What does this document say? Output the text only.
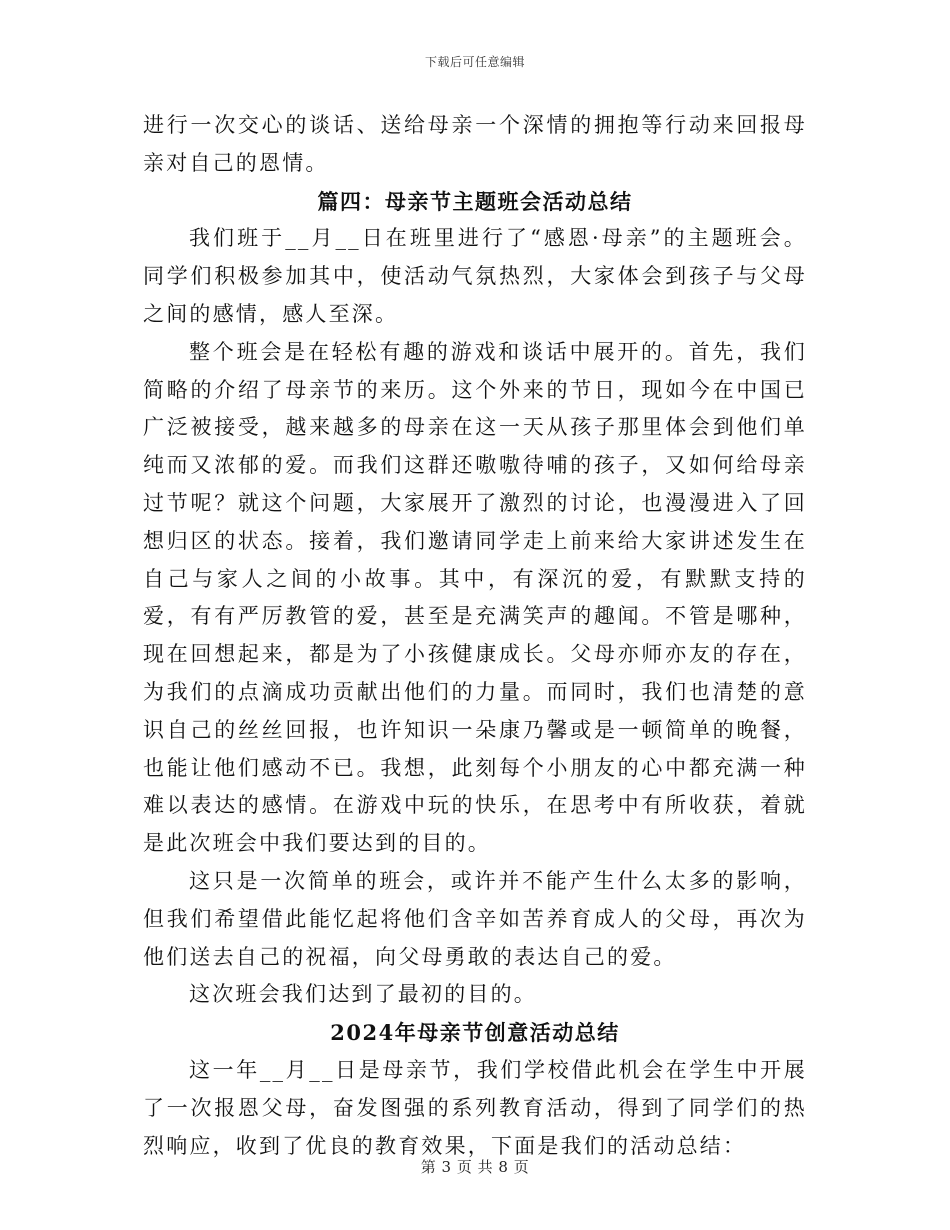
下载后可任意编辑

进行一次交心的谈话、送给母亲一个深情的拥抱等行动来回报母亲对自己的恩情。

篇四：母亲节主题班会活动总结

我们班于__月__日在班里进行了“感恩·母亲”的主题班会。同学们积极参加其中，使活动气氛热烈，大家体会到孩子与父母之间的感情，感人至深。

整个班会是在轻松有趣的游戏和谈话中展开的。首先，我们简略的介绍了母亲节的来历。这个外来的节日，现如今在中国已广泛被接受，越来越多的母亲在这一天从孩子那里体会到他们单纯而又浓郁的爱。而我们这群还嗷嗷待哺的孩子，又如何给母亲过节呢？就这个问题，大家展开了激烈的讨论，也漫漫进入了回想归区的状态。接着，我们邀请同学走上前来给大家讲述发生在自己与家人之间的小故事。其中，有深沉的爱，有默默支持的爱，有有严厉教管的爱，甚至是充满笑声的趣闻。不管是哪种，现在回想起来，都是为了小孩健康成长。父母亦师亦友的存在，为我们的点滴成功贡献出他们的力量。而同时，我们也清楚的意识自己的丝丝回报，也许知识一朵康乃馨或是一顿简单的晚餐，也能让他们感动不已。我想，此刻每个小朋友的心中都充满一种难以表达的感情。在游戏中玩的快乐，在思考中有所收获，着就是此次班会中我们要达到的目的。

这只是一次简单的班会，或许并不能产生什么太多的影响，但我们希望借此能忆起将他们含辛如苦养育成人的父母，再次为他们送去自己的祝福，向父母勇敢的表达自己的爱。

这次班会我们达到了最初的目的。

2024年母亲节创意活动总结

这一年__月__日是母亲节，我们学校借此机会在学生中开展了一次报恩父母，奋发图强的系列教育活动，得到了同学们的热烈响应，收到了优良的教育效果，下面是我们的活动总结：

第 3 页 共 8 页
